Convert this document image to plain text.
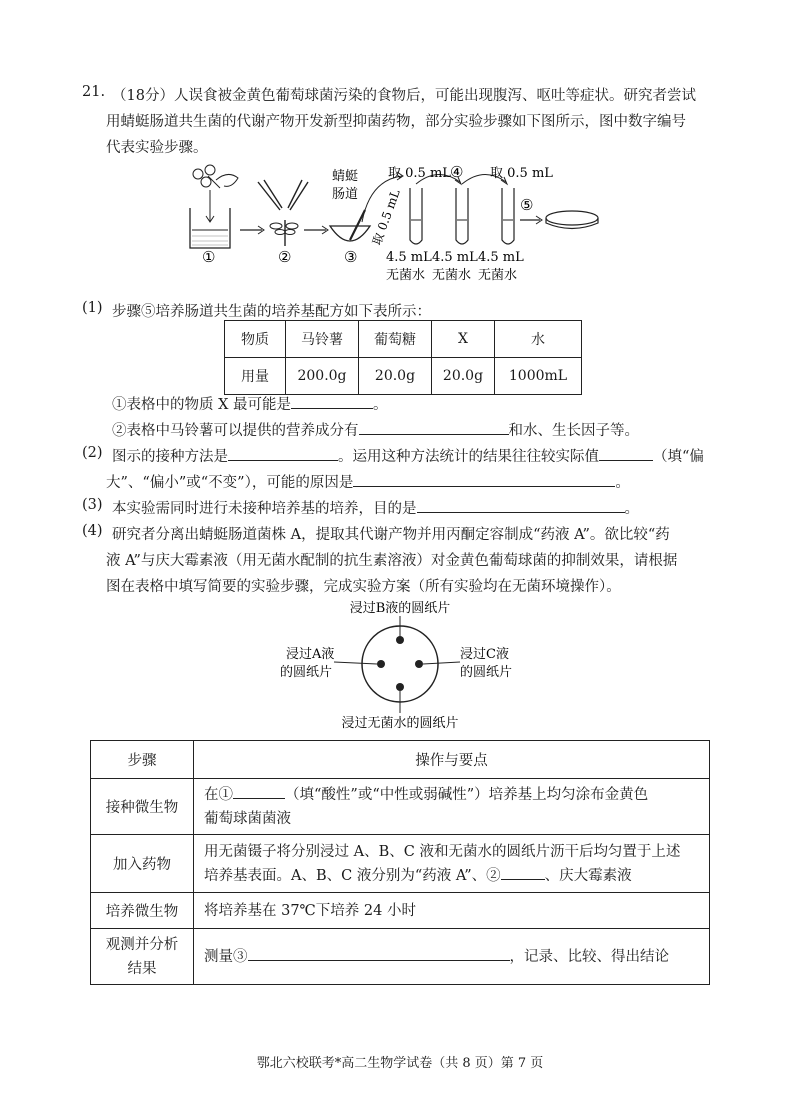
21. （18分）人误食被金黄色葡萄球菌污染的食物后，可能出现腹泻、呕吐等症状。研究者尝试
用蜻蜓肠道共生菌的代谢产物开发新型抑菌药物，部分实验步骤如下图所示，图中数字编号
代表实验步骤。
蜻蜓
肠道 取 0.5 mL
取 0.5 mL ④ 取 0.5 mL
4.5 mL 4.5 mL 4.5 mL
无菌水 无菌水 无菌水
⑤
①	②	③
(1) 步骤⑤培养肠道共生菌的培养基配方如下表所示：
物质	马铃薯	葡萄糖	X	水
用量	200.0g	20.0g	20.0g	1000mL
①表格中的物质 X 最可能是	。
②表格中马铃薯可以提供的营养成分有	和水、生长因子等。
(2) 图示的接种方法是	。运用这种方法统计的结果往往较实际值	（填“偏
大”、“偏小”或“不变”），可能的原因是	。
(3) 本实验需同时进行未接种培养基的培养，目的是	。
(4) 研究者分离出蜻蜓肠道菌株 A，提取其代谢产物并用丙酮定容制成“药液 A”。欲比较“药
液 A”与庆大霉素液（用无菌水配制的抗生素溶液）对金黄色葡萄球菌的抑制效果，请根据
图在表格中填写简要的实验步骤，完成实验方案（所有实验均在无菌环境操作）。
浸过B液的圆纸片
浸过A液
的圆纸片
浸过C液
的圆纸片
浸过无菌水的圆纸片
步骤	操作与要点
接种微生物	在① （填“酸性”或“中性或弱碱性”）培养基上均匀涂布金黄色
葡萄球菌菌液
加入药物	用无菌镊子将分别浸过 A、B、C 液和无菌水的圆纸片沥干后均匀置于上述
培养基表面。A、B、C 液分别为“药液 A”、② 、庆大霉素液
培养微生物	将培养基在 37℃下培养 24 小时
观测并分析
结果	测量③ ，记录、比较、得出结论
鄂北六校联考*高二生物学试卷（共 8 页）第 7 页
